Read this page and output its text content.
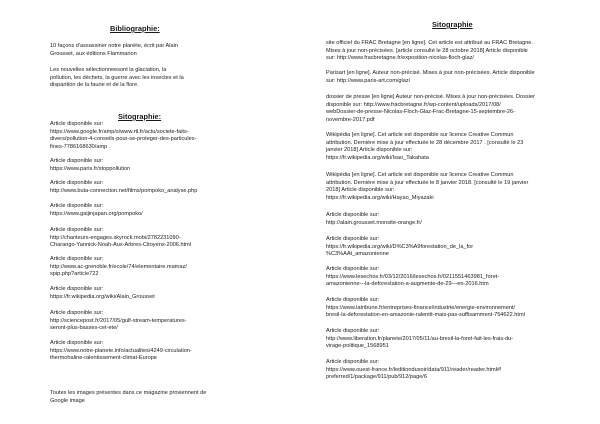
Bibliographie:
10 façons d'assassiner notre planète, écrit par Alain
Grousset, aux éditions Flammarion
Les nouvelles sélectionneesont la glaciation, la
pollution, les déchets, la guerre avec les insectes et la
disparition de la faune et de la flore.
Sitographie:
Article disponible sur:
https://www.google.fr/amp/s/www.rtl.fr/actu/societe-faits-
divers/pollution-4-conseils-pour-se-proteger-des-particules-
fines-7786168630/amp
Article disponible sur:
https://www.paris.fr/stoppollution
Article disponible sur:
http://www.buta-connection.net/films/pompoko_analyse.php
Article disponible sur:
https://www.gaijinjapan.org/pompoko/
Article disponible sur:
http://chanteurs-engages.skyrock.mobi/2782231090-
Charango-Yannick-Noah-Aux-Arbres-Citoyens-2006.html
Article disponible sur:
http://www.ac-grenoble.fr/ecole/74/elementaire.mamaz/
spip.php?article722
Article disponible sur:
https://fr.wikipedia.org/wiki/Alain_Grousset
Article disponible sur:
http://sciencepost.fr/2017/05/gulf-stream-temperatures-
seront-plus-basses-cet-ete/
Article disponible sur:
https://www.notre-planete.info/actualites/4249-circulation-
thermohaline-ralentissement-climat-Europe
Toutes les images présentes dans ce magazine proviennent de
Google image
Sitographie
site officiel du FRAC Bretagne [en ligne]. Cet article est attribué au FRAC Bretagne.
Mises à jour non-précisées. [article consulté le 28 octobre 2018] Article disponible
sur: http://www.fracbretagne.fr/exposition-nicolas-floch-glaz/
Parisart [en ligne]. Auteur non-précisé. Mises à jour non-précisées. Article disponible
sur: http://www.paris-art.com/glaz/
dossier de presse [en ligne] Auteur non-précisé. Mises à jour non-précisées. Dossier
disponible sur: http://www.fracbretagne.fr/wp-content/uploads/2017/08/
webDossier-de-presse-Nicolas-Floch-Glaz-Frac-Bretagne-15-septembre-26-
novembre-2017.pdf
Wikipédia [en ligne]. Cet article est disponible sur licence Creative Commun
attribution. Dernière mise à jour effectuée le 28 décembre 2017 . [consulté le 23
janvier 2018] Article disponible sur:
https://fr.wikipedia.org/wiki/Isao_Takahata
Wikipédia [en ligne]. Cet article est disponible sur licence Creative Commun
attribution. Dernière mise à jour effectuée le 8 janvier 2018. [consulté le 19 janvier
2018] Article disponible sur:
https://fr.wikipedia.org/wiki/Hayao_Miyazaki
Article disponible sur:
http://alain.grousset.monsite-orange.fr/
Article disponible sur:
https://fr.wikipedia.org/wiki/D%C3%A9forestation_de_la_for
%C3%AAt_amazonienne
Article disponible sur:
https://www.lesechos.fr/03/12/2016/lesechos.fr/0211551463981_foret-
amazonienne---la-deforestation-a-augmente-de-29---en-2016.htm
Article disponible sur:
https://www.latribune.fr/entreprises-finance/industrie/energie-environnement/
bresil-la-deforestation-en-amazonie-ralentit-mais-pas-suffisamment-754622.html
Article disponible sur:
http://www.liberation.fr/planete/2017/05/11/au-bresil-la-foret-fait-les-frais-du-
virage-politique_1568951
Article disponible sur:
https://www.ouest-france.fr/leditiondusoir/data/911/reader/reader.html#!
preferred/1/package/911/pub/912/page/6
